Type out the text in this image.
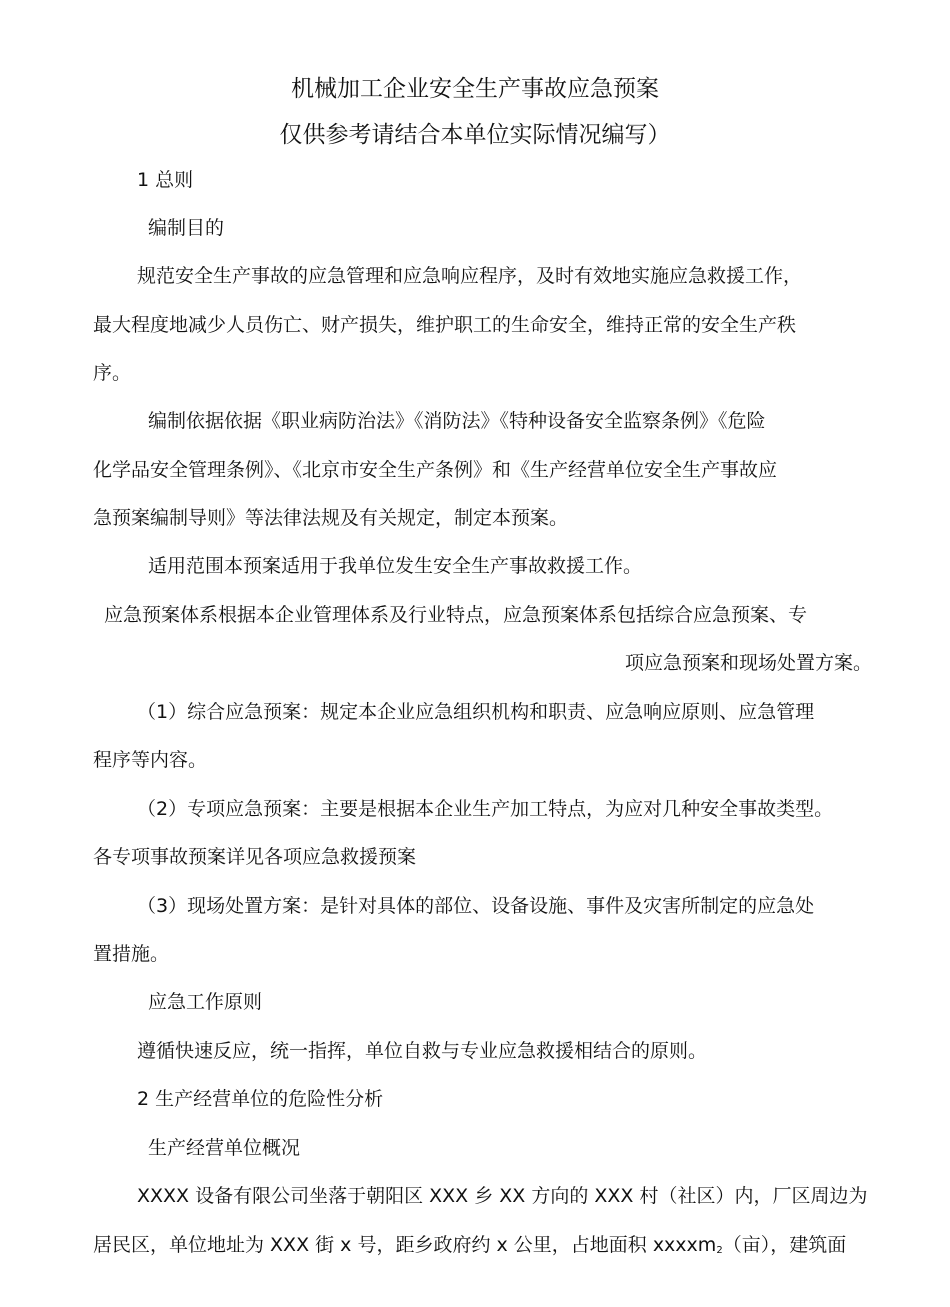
机械加工企业安全生产事故应急预案
仅供参考请结合本单位实际情况编写）
1 总则
编制目的
规范安全生产事故的应急管理和应急响应程序，及时有效地实施应急救援工作，
最大程度地减少人员伤亡、财产损失，维护职工的生命安全，维持正常的安全生产秩
序。
编制依据依据《职业病防治法》《消防法》《特种设备安全监察条例》《危险
化学品安全管理条例》、《北京市安全生产条例》和《生产经营单位安全生产事故应
急预案编制导则》等法律法规及有关规定，制定本预案。
适用范围本预案适用于我单位发生安全生产事故救援工作。
应急预案体系根据本企业管理体系及行业特点，应急预案体系包括综合应急预案、专
项应急预案和现场处置方案。
（1）综合应急预案：规定本企业应急组织机构和职责、应急响应原则、应急管理
程序等内容。
（2）专项应急预案：主要是根据本企业生产加工特点，为应对几种安全事故类型。
各专项事故预案详见各项应急救援预案
（3）现场处置方案：是针对具体的部位、设备设施、事件及灾害所制定的应急处
置措施。
应急工作原则
遵循快速反应，统一指挥，单位自救与专业应急救援相结合的原则。
2 生产经营单位的危险性分析
生产经营单位概况
XXXX 设备有限公司坐落于朝阳区 XXX 乡 XX 方向的 XXX 村（社区）内，厂区周边为
居民区，单位地址为 XXX 街 x 号，距乡政府约 x 公里，占地面积 xxxxm$_2$（亩），建筑面
